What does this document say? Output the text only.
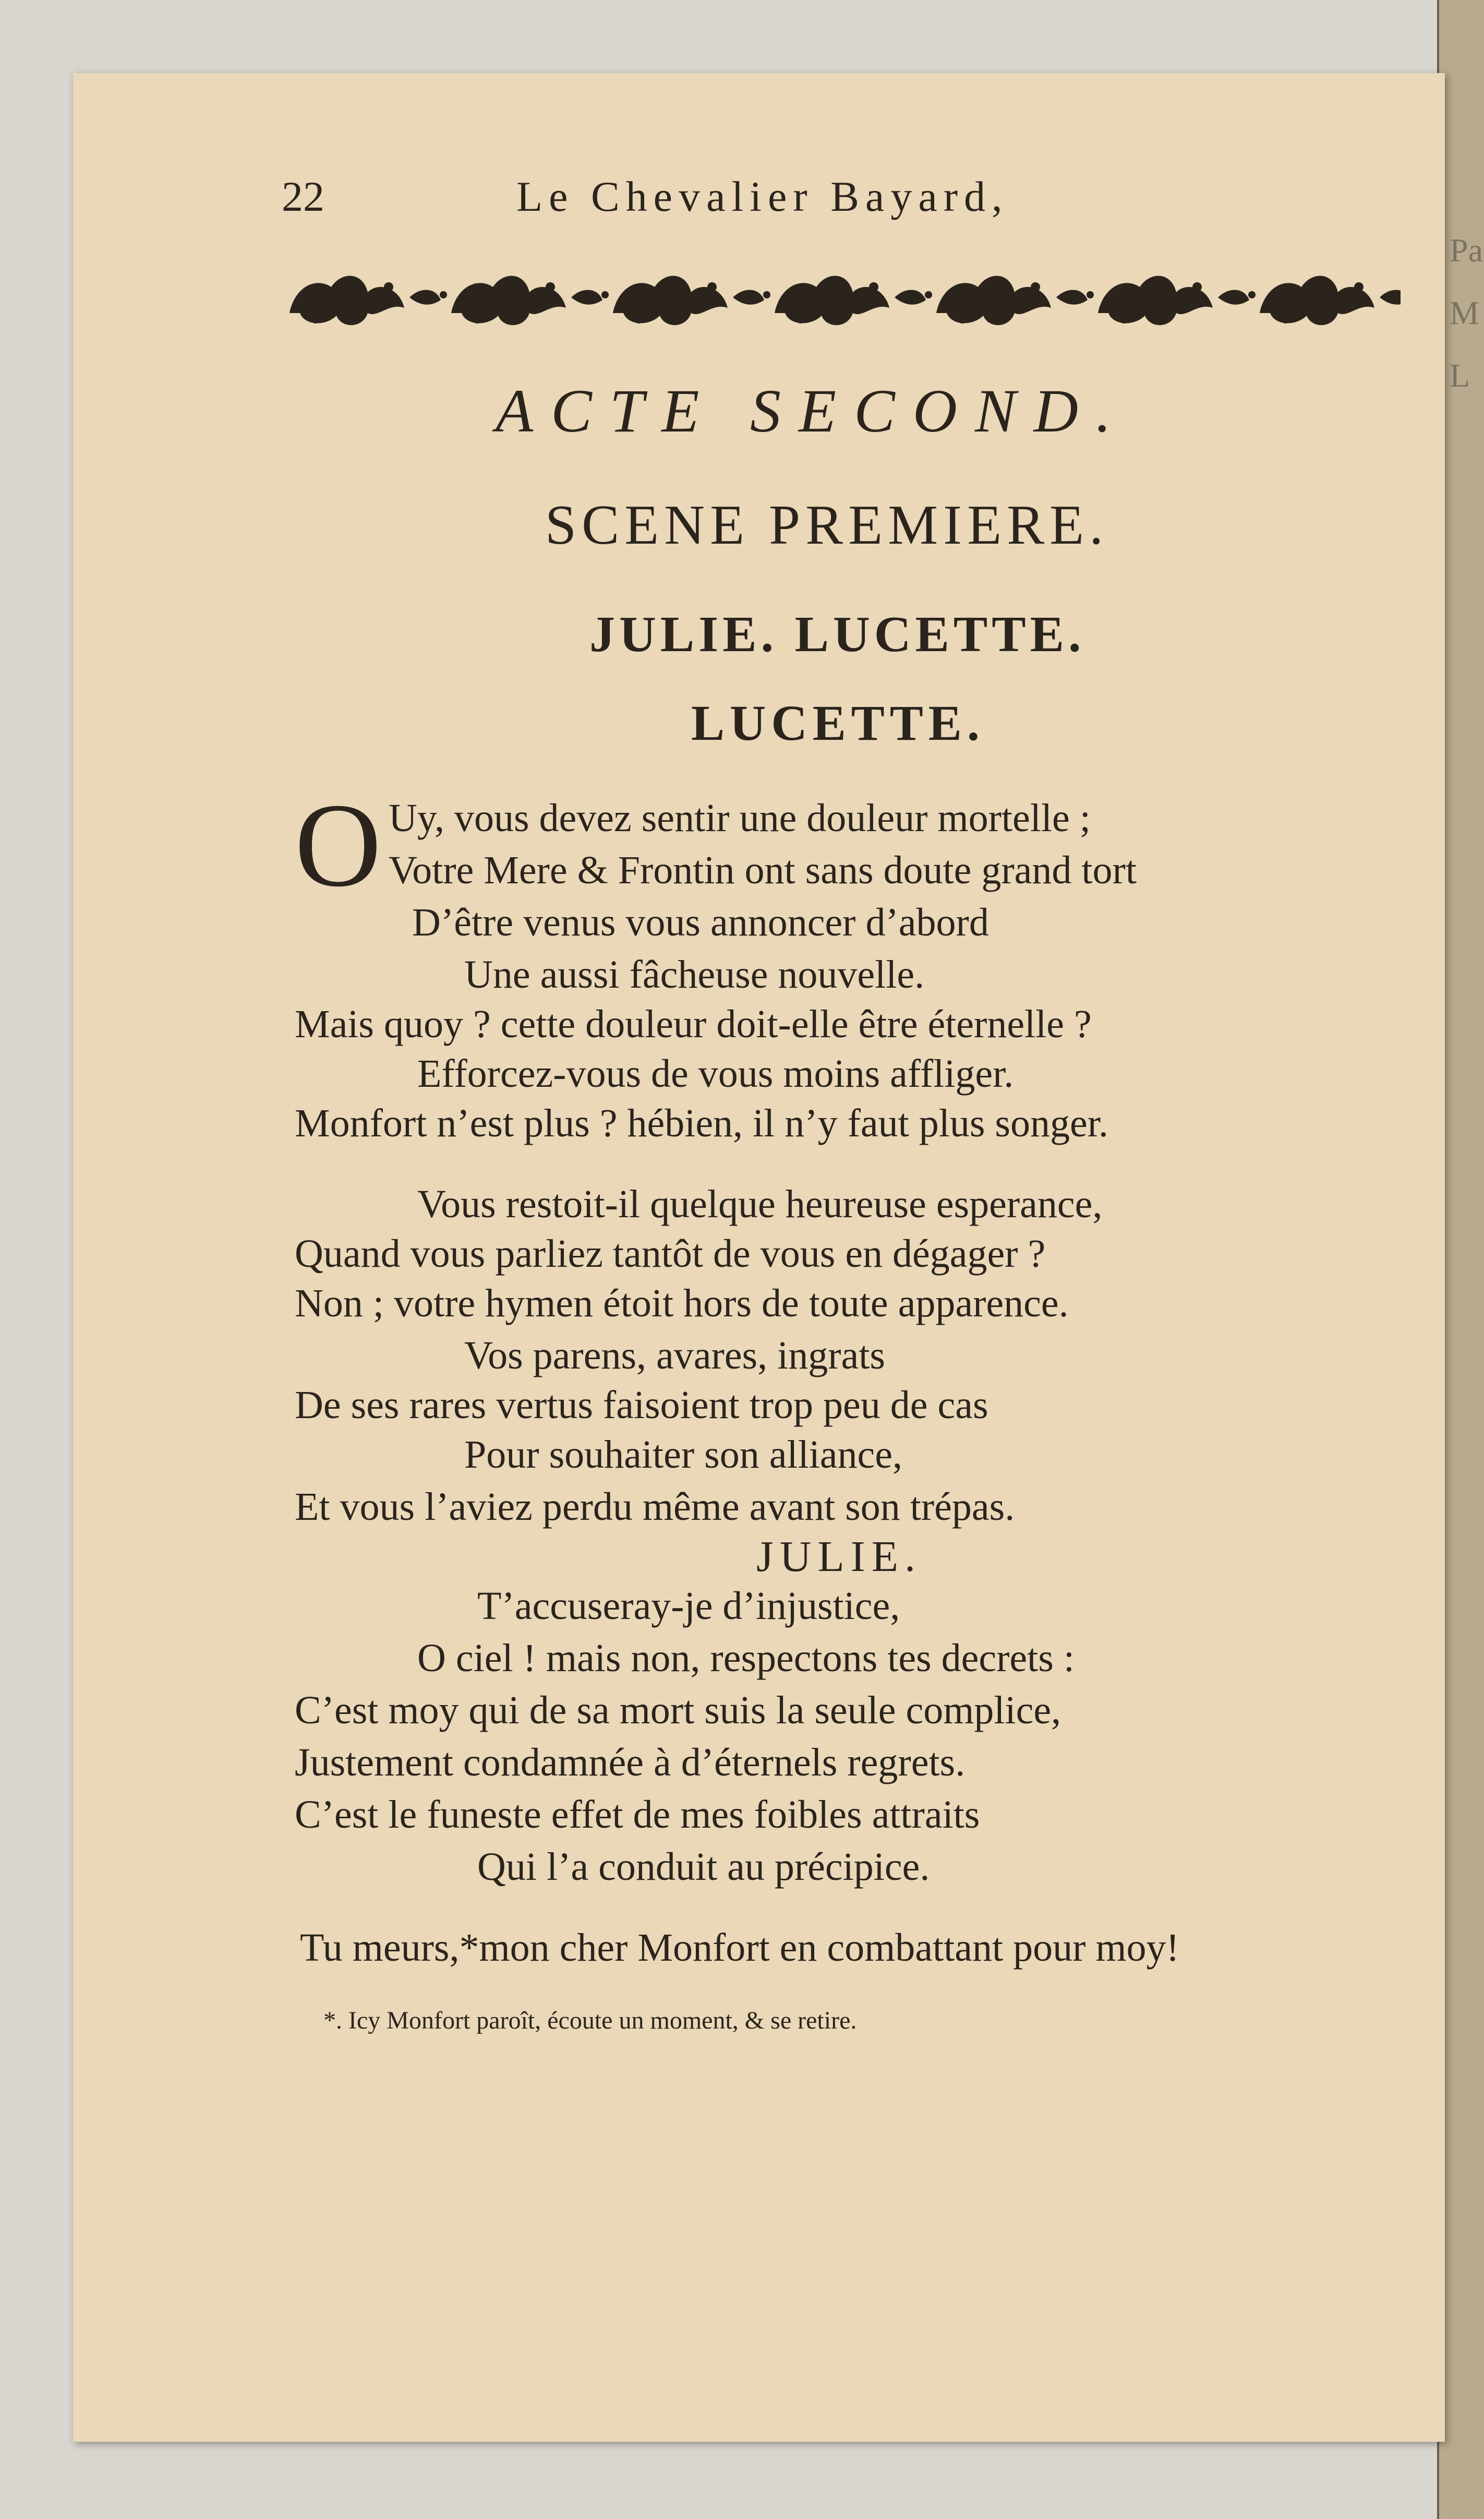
Pa
M
L
22	Le Chevalier Bayard,
ACTE SECOND.
SCENE PREMIERE.
JULIE. LUCETTE.
LUCETTE.
O Uy, vous devez sentir une douleur mortelle ;
Votre Mere & Frontin ont sans doute grand tort
D’être venus vous annoncer d’abord
Une aussi fâcheuse nouvelle.
Mais quoy ? cette douleur doit-elle être éternelle ?
Efforcez-vous de vous moins affliger.
Monfort n’est plus ? hébien, il n’y faut plus songer.
Vous restoit-il quelque heureuse esperance,
Quand vous parliez tantôt de vous en dégager ?
Non ; votre hymen étoit hors de toute apparence.
Vos parens, avares, ingrats
De ses rares vertus faisoient trop peu de cas
Pour souhaiter son alliance,
Et vous l’aviez perdu même avant son trépas.
JULIE.
T’accuseray-je d’injustice,
O ciel ! mais non, respectons tes decrets :
C’est moy qui de sa mort suis la seule complice,
Justement condamnée à d’éternels regrets.
C’est le funeste effet de mes foibles attraits
Qui l’a conduit au précipice.
Tu meurs,*mon cher Monfort en combattant pour moy!
*. Icy Monfort paroît, écoute un moment, & se retire.
